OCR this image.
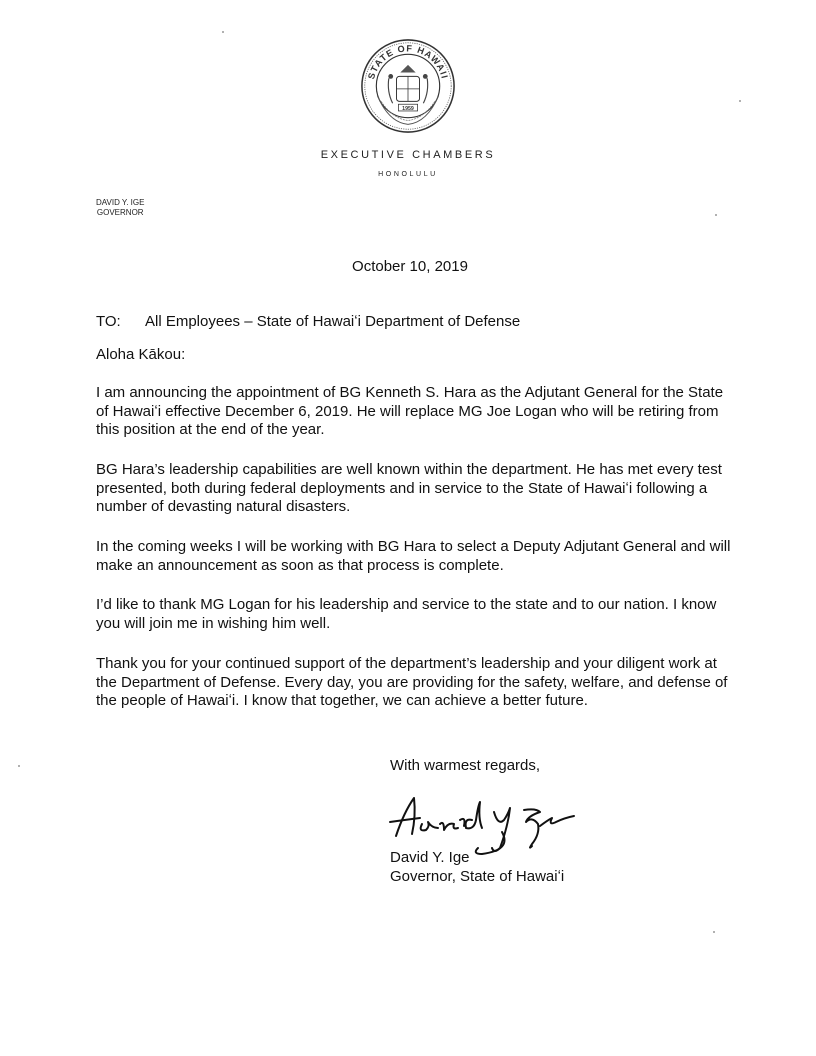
STATE OF HAWAII
1959
EXECUTIVE CHAMBERS
HONOLULU
DAVID Y. IGE
GOVERNOR
October 10, 2019
TO: All Employees – State of Hawaiʻi Department of Defense
Aloha Kākou:

I am announcing the appointment of BG Kenneth S. Hara as the Adjutant General for the State of Hawaiʻi effective December 6, 2019. He will replace MG Joe Logan who will be retiring from this position at the end of the year.

BG Hara’s leadership capabilities are well known within the department. He has met every test presented, both during federal deployments and in service to the State of Hawaiʻi following a number of devasting natural disasters.

In the coming weeks I will be working with BG Hara to select a Deputy Adjutant General and will make an announcement as soon as that process is complete.

I’d like to thank MG Logan for his leadership and service to the state and to our nation. I know you will join me in wishing him well.

Thank you for your continued support of the department’s leadership and your diligent work at the Department of Defense. Every day, you are providing for the safety, welfare, and defense of the people of Hawaiʻi. I know that together, we can achieve a better future.

With warmest regards,
David Y. Ige
Governor, State of Hawaiʻi
